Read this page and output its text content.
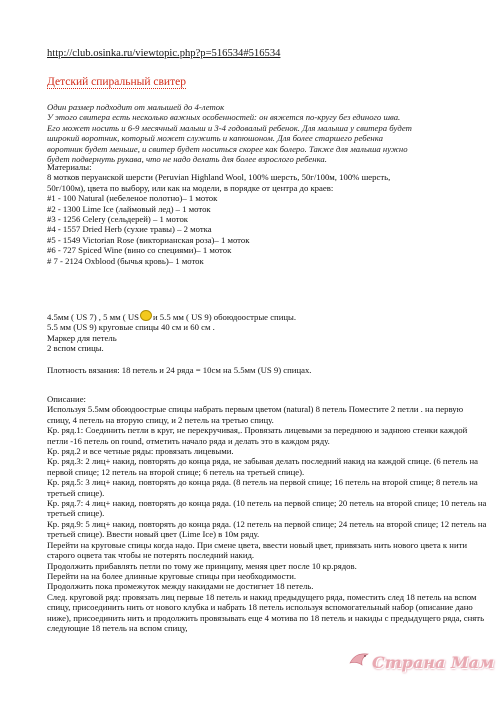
http://club.osinka.ru/viewtopic.php?p=516534#516534
Детский спиральный свитер
Один размер подходит от малышей до 4-леток
У этого свитера есть несколько важных особенностей: он вяжется по-кругу без единого шва.
Его может носить и 6-9 месячный малыш и 3-4 годовалый ребенок. Для малыша у свитера будет
широкий воротник, который может служить и капюшоном. Для более старшего ребенка
воротник будет меньше, и свитер будет носиться скорее как болеро. Также для малыша нужно
будет подвернуть рукава, что не надо делать для более взрослого ребенка.
Материалы:
8 мотков перуанской шерсти (Peruvian Highland Wool, 100% шерсть, 50г/100м, 100% шерсть,
50г/100м), цвета по выбору, или как на модели, в порядке от центра до краев:
#1 - 100 Natural (небеленое полотно)– 1 моток
#2 - 1300 Lime Ice (лаймовый лед) – 1 моток
#3 - 1256 Celery (сельдерей) – 1 моток
#4 - 1557 Dried Herb (сухие травы) – 2 мотка
#5 - 1549 Victorian Rose (викторианская роза)– 1 моток
#6 - 727 Spiced Wine (вино со специями)– 1 моток
# 7 - 2124 Oxblood (бычья кровь)– 1 моток
4.5мм ( US 7) , 5 мм ( US и 5.5 мм ( US 9) обоюдоострые спицы.
5.5 мм (US 9) круговые спицы 40 см и 60 см .
Маркер для петель
2 вспом спицы.
Плотность вязания: 18 петель и 24 ряда = 10см на 5.5мм (US 9) спицах.
Описание:
Используя 5.5мм обоюдоострые спицы набрать первым цветом (natural) 8 петель Поместите 2 петли . на первую спицу, 4 петель на вторую спицу, и 2 петель на третью спицу.
Кр. ряд.1: Соединить петли в круг, не перекручивая,. Провязать лицевыми за переднюю и заднюю стенки каждой петли -16 петель on round, отметить начало ряда и делать это в каждом ряду.
Кр. ряд.2 и все четные ряды: провязать лицевыми.
Кр. ряд.3: 2 лиц+ накид, повторять до конца ряда, не забывая делать последний накид на каждой спице. (6 петель на первой спице; 12 петель на второй спице; 6 петель на третьей спице).
Кр. ряд.5: 3 лиц+ накид, повторять до конца ряда. (8 петель на первой спице; 16 петель на второй спице; 8 петель на третьей спице).
Кр. ряд.7: 4 лиц+ накид, повторять до конца ряда. (10 петель на первой спице; 20 петель на второй спице; 10 петель на третьей спице).
Кр. ряд.9: 5 лиц+ накид, повторять до конца ряда. (12 петель на первой спице; 24 петель на второй спице; 12 петель на третьей спице). Ввести новый цвет (Lime Ice) в 10м ряду.
Перейти на круговые спицы когда надо. При смене цвета, ввести новый цвет, привязать нить нового цвета к нити старого оцвета так чтобы не потерять последний накид.
Продолжить прибавлять петли по тому же принципу, меняя цвет после 10 кр.рядов.
Перейти на на более длинные круговые спицы при необходимости.
Продолжить пока промежуток между накидами не достигнет 18 петель.
След. круговой ряд: провязать лиц первые 18 петель и накид предыдущего ряда, поместить след 18 петель на вспом спицу, присоединить нить от нового клубка и набрать 18 петель используя вспомогательный набор (описание дано ниже), присоединить нить и продолжить провязывать еще 4 мотива по 18 петель и накиды с предыдущего ряда, снять следующие 18 петель на вспом спицу,
Страна Мам
